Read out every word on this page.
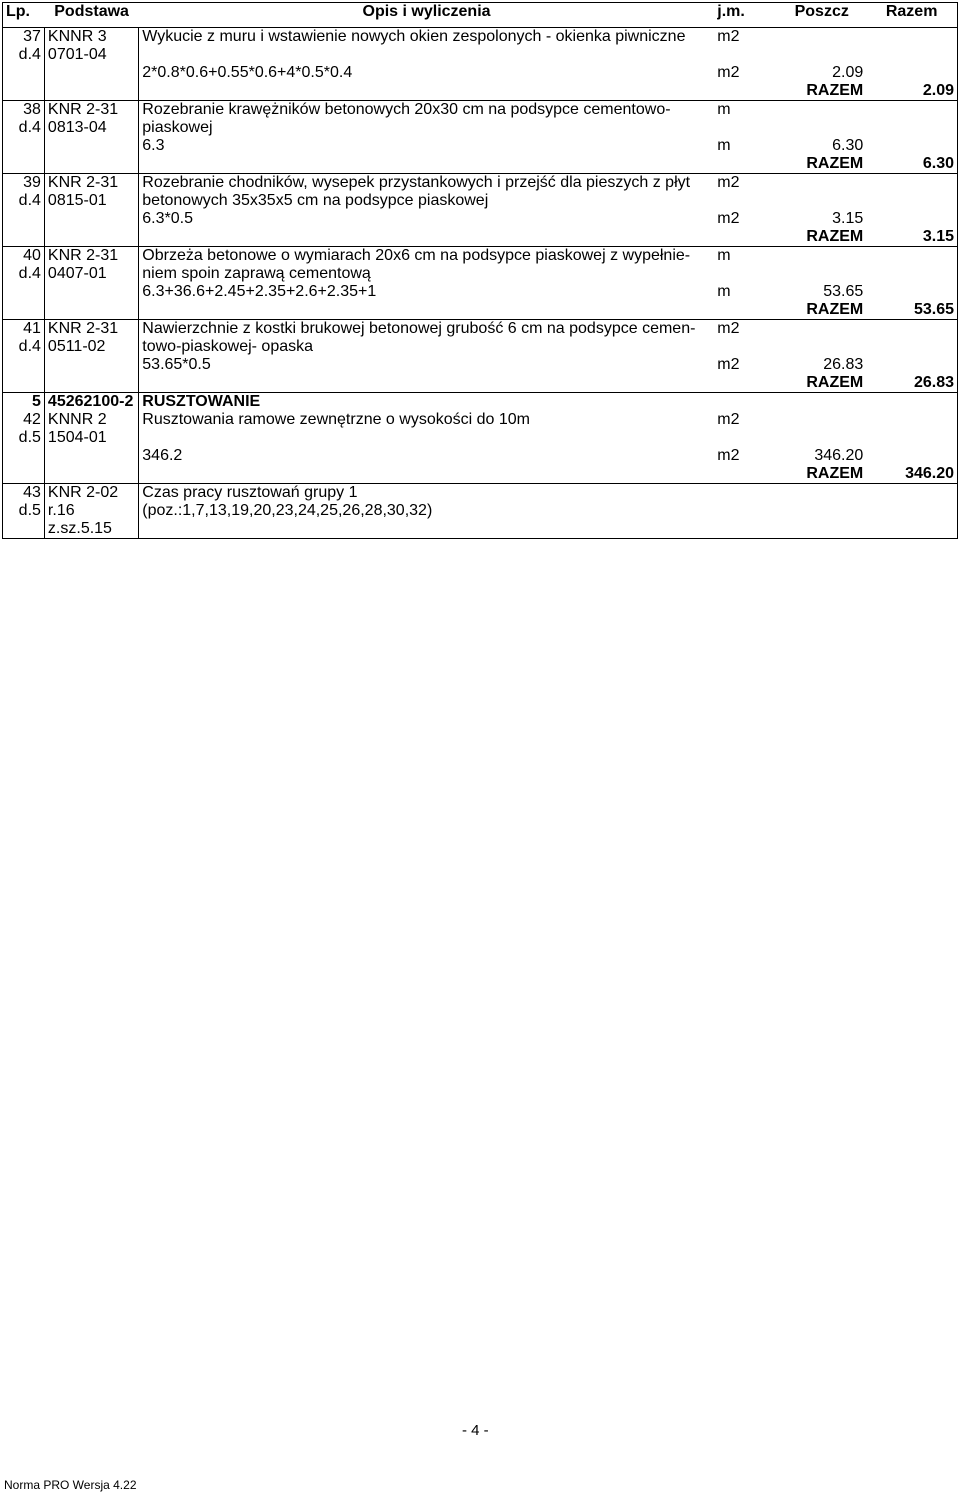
Lp.	Podstawa	Opis i wyliczenia	j.m.	Poszcz	Razem
37	KNNR 3	Wykucie z muru i wstawienie nowych okien zespolonych - okienka piwniczne	m2		
d.4	0701-04				
		2*0.8*0.6+0.55*0.6+4*0.5*0.4	m2	2.09	
				RAZEM	2.09
38	KNR 2-31	Rozebranie krawężników betonowych 20x30 cm na podsypce cementowo-	m		
d.4	0813-04	piaskowej			
		6.3	m	6.30	
				RAZEM	6.30
39	KNR 2-31	Rozebranie chodników, wysepek przystankowych i przejść dla pieszych z płyt	m2		
d.4	0815-01	betonowych 35x35x5 cm na podsypce piaskowej			
		6.3*0.5	m2	3.15	
				RAZEM	3.15
40	KNR 2-31	Obrzeża betonowe o wymiarach 20x6 cm na podsypce piaskowej z wypełnie-	m		
d.4	0407-01	niem spoin zaprawą cementową			
		6.3+36.6+2.45+2.35+2.6+2.35+1	m	53.65	
				RAZEM	53.65
41	KNR 2-31	Nawierzchnie z kostki brukowej betonowej grubość 6 cm na podsypce cemen-	m2		
d.4	0511-02	towo-piaskowej- opaska			
		53.65*0.5	m2	26.83	
				RAZEM	26.83
5	45262100-2	RUSZTOWANIE			
42	KNNR 2	Rusztowania ramowe zewnętrzne o wysokości do 10m	m2		
d.5	1504-01				
		346.2	m2	346.20	
				RAZEM	346.20
43	KNR 2-02	Czas pracy rusztowań grupy 1			
d.5	r.16	(poz.:1,7,13,19,20,23,24,25,26,28,30,32)			
	z.sz.5.15				
- 4 -
Norma PRO Wersja 4.22
